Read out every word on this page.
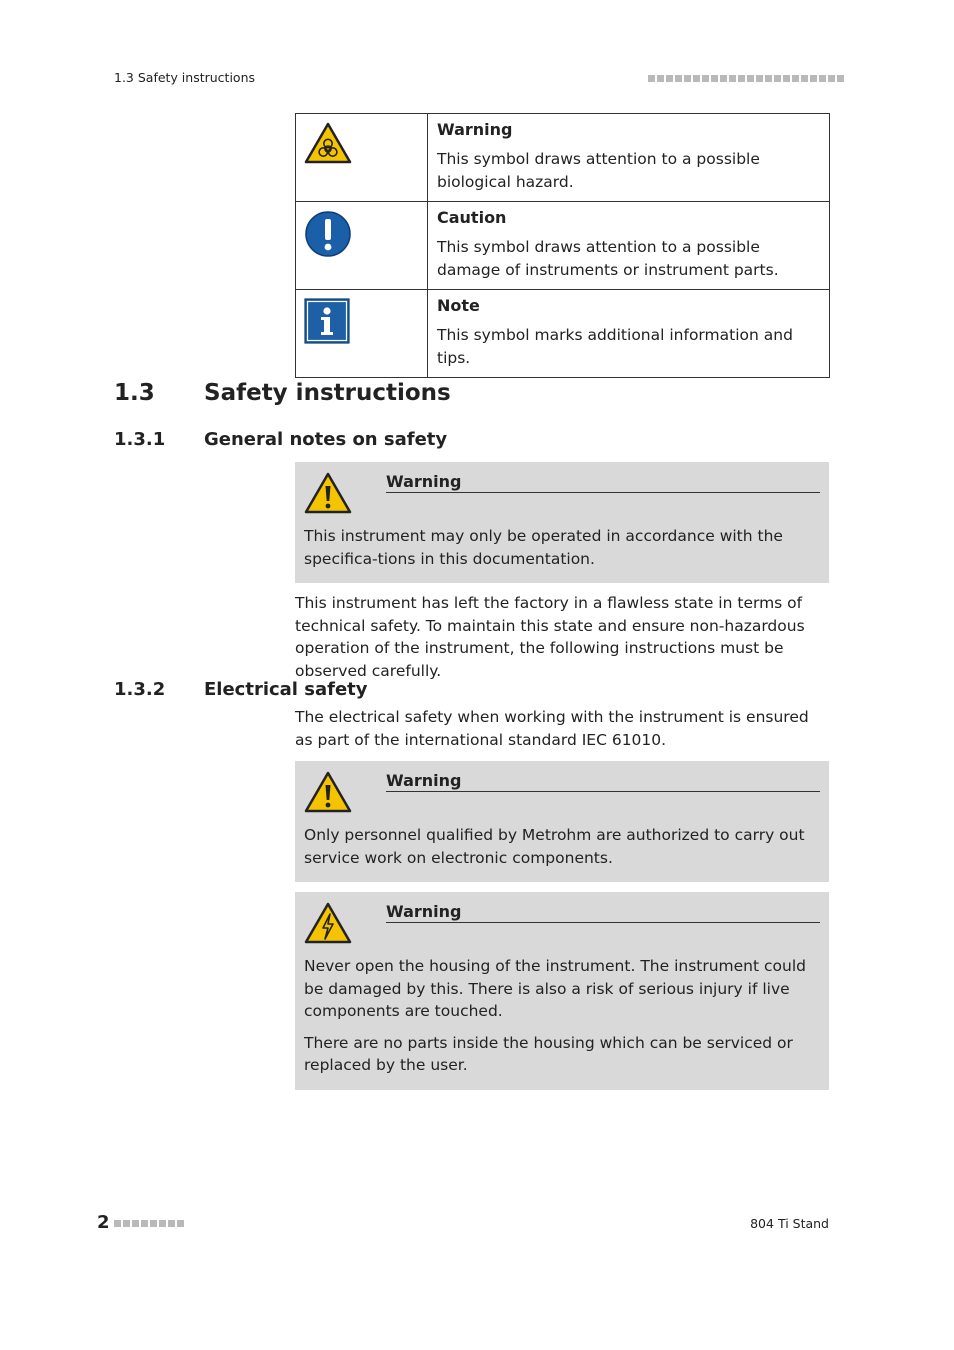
1.3 Safety instructions

Warning

This symbol draws attention to a possible biological hazard.

Caution

This symbol draws attention to a possible damage of instruments or instrument parts.

Note

This symbol marks additional information and tips.

1.3 Safety instructions
1.3.1 General notes on safety
Warning

This instrument may only be operated in accordance with the specifica-tions in this documentation.

This instrument has left the factory in a flawless state in terms of technical safety. To maintain this state and ensure non-hazardous operation of the instrument, the following instructions must be observed carefully.

1.3.2 Electrical safety

The electrical safety when working with the instrument is ensured as part of the international standard IEC 61010.

Warning

Only personnel qualified by Metrohm are authorized to carry out service work on electronic components.

Warning

Never open the housing of the instrument. The instrument could be damaged by this. There is also a risk of serious injury if live components are touched.

There are no parts inside the housing which can be serviced or replaced by the user.

2	804 Ti Stand
